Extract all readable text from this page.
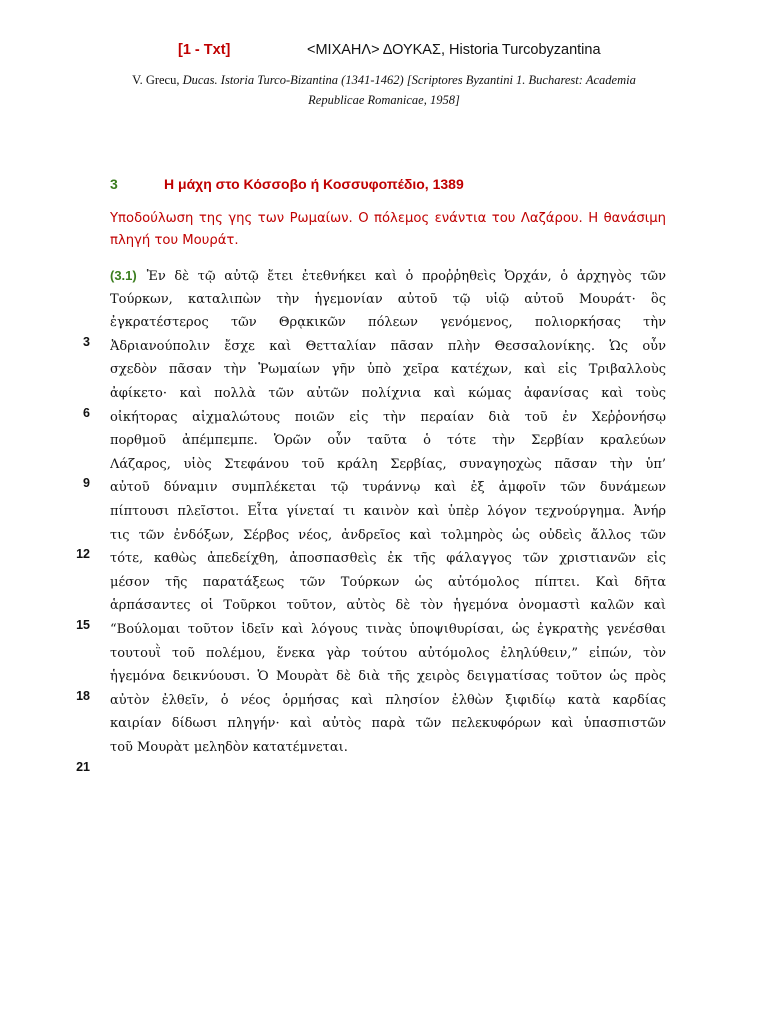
[1 - Txt]	<ΜΙΧΑΗΛ> ΔΟΥΚΑΣ, Historia Turcobyzantina
V. Grecu, Ducas. Istoria Turco-Bizantina (1341-1462) [Scriptores Byzantini 1. Bucharest: Academia Republicae Romanicae, 1958]
3	Η μάχη στο Κόσσοβο ή Κοσσυφοπέδιο, 1389
Υποδούλωση της γης των Ρωμαίων. Ο πόλεμος ενάντια του Λαζάρου. Η θανάσιμη πληγή του Μουράτ.
(3.1) Ἐν δὲ τῷ αὐτῷ ἔτει ἐτεθνήκει καὶ ὁ προῤῥηθεὶς Ὀρχάν, ὁ ἀρχηγὸς τῶν
Τούρκων, καταλιπὼν τὴν ἡγεμονίαν αὐτοῦ τῷ υἱῷ αὐτοῦ Μουράτ· ὃς
ἐγκρατέστερος τῶν Θρᾳκικῶν πόλεων γενόμενος, πολιορκήσας τὴν
Ἀδριανούπολιν ἔσχε καὶ Θετταλίαν πᾶσαν πλὴν Θεσσαλονίκης. Ὡς οὖν
σχεδὸν πᾶσαν τὴν Ῥωμαίων γῆν ὑπὸ χεῖρα κατέχων, καὶ εἰς Τριβαλλοὺς
ἀφίκετο· καὶ πολλὰ τῶν αὐτῶν πολίχνια καὶ κώμας ἀφανίσας καὶ τοὺς
οἰκήτορας αἰχμαλώτους ποιῶν εἰς τὴν περαίαν διὰ τοῦ ἐν Χεῤῥονήσῳ
πορθμοῦ ἀπέμπεμπε. Ὁρῶν οὖν ταῦτα ὁ τότε τὴν Σερβίαν κραλεύων
Λάζαρος, υἱὸς Στεφάνου τοῦ κράλη Σερβίας, συναγηοχὼς πᾶσαν τὴν ὑπ’
αὐτοῦ δύναμιν συμπλέκεται τῷ τυράννῳ καὶ ἐξ ἀμφοῖν τῶν δυνάμεων
πίπτουσι πλεῖστοι. Εἶτα γίνεταί τι καινὸν καὶ ὑπὲρ λόγον τεχνούργημα. Ἀνήρ
τις τῶν ἐνδόξων, Σέρβος νέος, ἀνδρεῖος καὶ τολμηρὸς ὡς οὐδεὶς ἄλλος τῶν
τότε, καθὼς ἀπεδείχθη, ἀποσπασθεὶς ἐκ τῆς φάλαγγος τῶν χριστιανῶν εἰς
μέσον τῆς παρατάξεως τῶν Τούρκων ὡς αὐτόμολος πίπτει. Καὶ δῆτα
ἁρπάσαντες οἱ Τοῦρκοι τοῦτον, αὐτὸς δὲ τὸν ἡγεμόνα ὀνομαστὶ καλῶν καὶ
“Βούλομαι τοῦτον ἰδεῖν καὶ λόγους τινὰς ὑποψιθυρίσαι, ὡς ἐγκρατὴς γενέσθαι
τουτουῒ τοῦ πολέμου, ἕνεκα γὰρ τούτου αὐτόμολος ἐληλύθειν,” εἰπών, τὸν
ἡγεμόνα δεικνύουσι. Ὁ Μουρὰτ δὲ διὰ τῆς χειρὸς δειγματίσας τοῦτον ὡς πρὸς
αὐτὸν ἐλθεῖν, ὁ νέος ὁρμήσας καὶ πλησίον ἐλθὼν ξιφιδίῳ κατὰ καρδίας
καιρίαν δίδωσι πληγήν· καὶ αὐτὸς παρὰ τῶν πελεκυφόρων καὶ ὑπασπιστῶν
τοῦ Μουρὰτ μεληδὸν κατατέμνεται.
3
6
9
12
15
18
21
